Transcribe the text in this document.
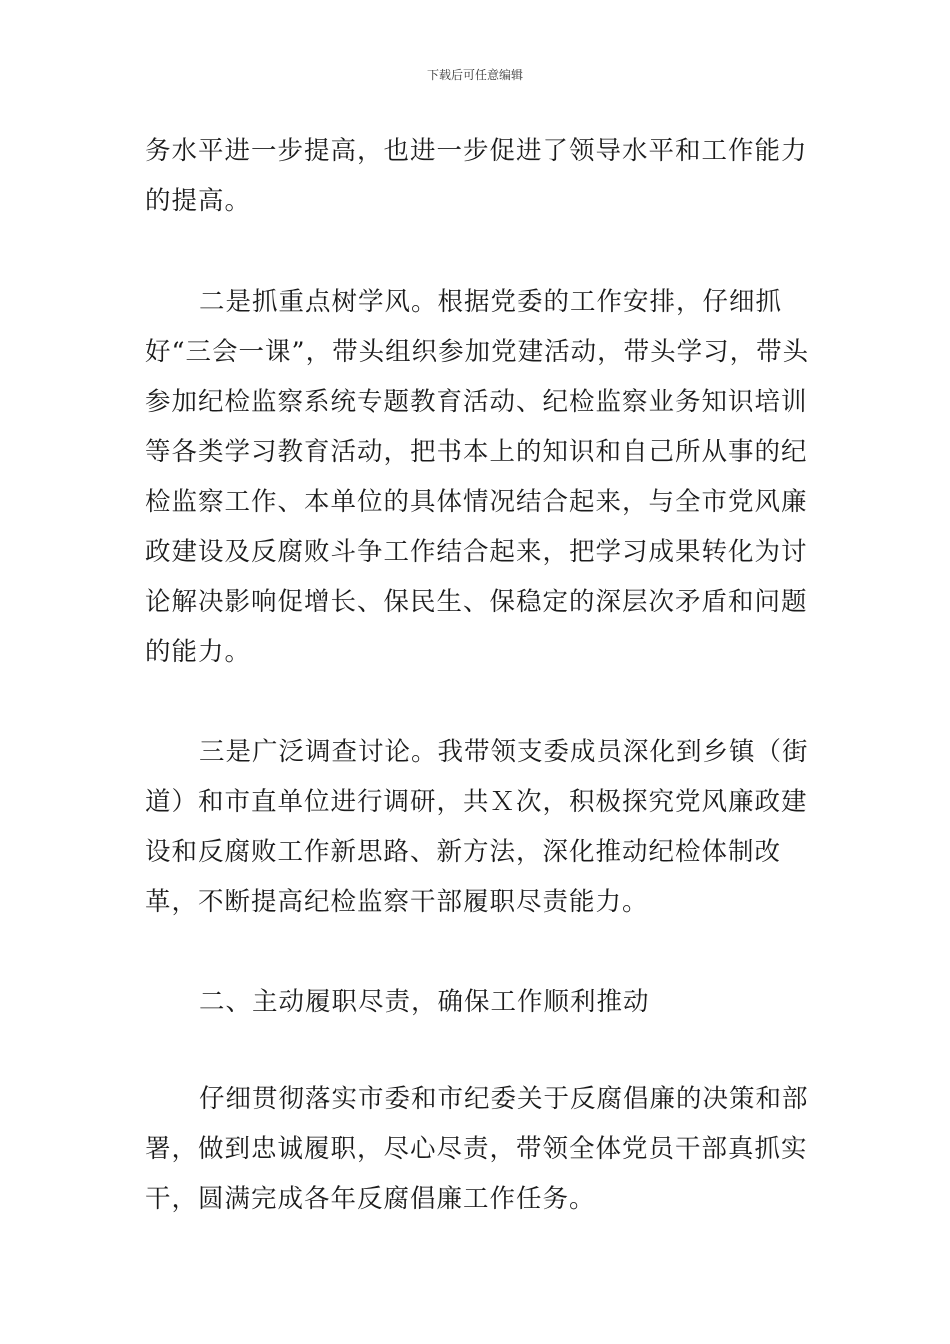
下载后可任意编辑

务水平进一步提高，也进一步促进了领导水平和工作能力的提高。

二是抓重点树学风。根据党委的工作安排，仔细抓好“三会一课”，带头组织参加党建活动，带头学习，带头参加纪检监察系统专题教育活动、纪检监察业务知识培训等各类学习教育活动，把书本上的知识和自己所从事的纪检监察工作、本单位的具体情况结合起来，与全市党风廉政建设及反腐败斗争工作结合起来，把学习成果转化为讨论解决影响促增长、保民生、保稳定的深层次矛盾和问题的能力。

三是广泛调查讨论。我带领支委成员深化到乡镇（街道）和市直单位进行调研，共Ｘ次，积极探究党风廉政建设和反腐败工作新思路、新方法，深化推动纪检体制改革，不断提高纪检监察干部履职尽责能力。

二、主动履职尽责，确保工作顺利推动

仔细贯彻落实市委和市纪委关于反腐倡廉的决策和部署，做到忠诚履职，尽心尽责，带领全体党员干部真抓实干，圆满完成各年反腐倡廉工作任务。
